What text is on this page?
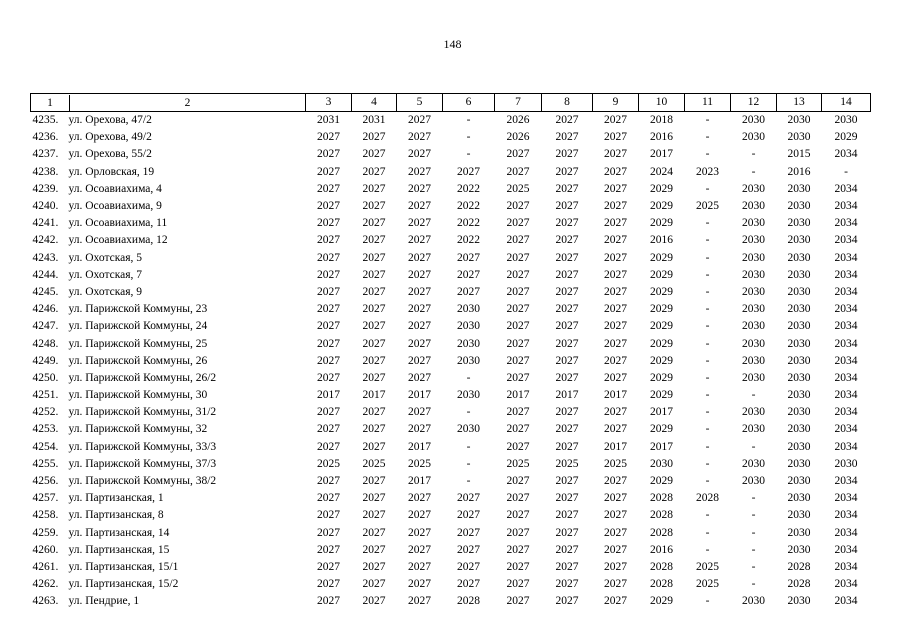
148
1 2	3	4	5	6	7	8	9	10	11	12	13	14
4235. ул. Орехова, 47/2	2031	2031	2027	-	2026	2027	2027	2018	-	2030	2030	2030
4236. ул. Орехова, 49/2	2027	2027	2027	-	2026	2027	2027	2016	-	2030	2030	2029
4237. ул. Орехова, 55/2	2027	2027	2027	-	2027	2027	2027	2017	-	-	2015	2034
4238. ул. Орловская, 19	2027	2027	2027	2027	2027	2027	2027	2024	2023	-	2016	-
4239. ул. Осоавиахима, 4	2027	2027	2027	2022	2025	2027	2027	2029	-	2030	2030	2034
4240. ул. Осоавиахима, 9	2027	2027	2027	2022	2027	2027	2027	2029	2025	2030	2030	2034
4241. ул. Осоавиахима, 11	2027	2027	2027	2022	2027	2027	2027	2029	-	2030	2030	2034
4242. ул. Осоавиахима, 12	2027	2027	2027	2022	2027	2027	2027	2016	-	2030	2030	2034
4243. ул. Охотская, 5	2027	2027	2027	2027	2027	2027	2027	2029	-	2030	2030	2034
4244. ул. Охотская, 7	2027	2027	2027	2027	2027	2027	2027	2029	-	2030	2030	2034
4245. ул. Охотская, 9	2027	2027	2027	2027	2027	2027	2027	2029	-	2030	2030	2034
4246. ул. Парижской Коммуны, 23	2027	2027	2027	2030	2027	2027	2027	2029	-	2030	2030	2034
4247. ул. Парижской Коммуны, 24	2027	2027	2027	2030	2027	2027	2027	2029	-	2030	2030	2034
4248. ул. Парижской Коммуны, 25	2027	2027	2027	2030	2027	2027	2027	2029	-	2030	2030	2034
4249. ул. Парижской Коммуны, 26	2027	2027	2027	2030	2027	2027	2027	2029	-	2030	2030	2034
4250. ул. Парижской Коммуны, 26/2	2027	2027	2027	-	2027	2027	2027	2029	-	2030	2030	2034
4251. ул. Парижской Коммуны, 30	2017	2017	2017	2030	2017	2017	2017	2029	-	-	2030	2034
4252. ул. Парижской Коммуны, 31/2	2027	2027	2027	-	2027	2027	2027	2017	-	2030	2030	2034
4253. ул. Парижской Коммуны, 32	2027	2027	2027	2030	2027	2027	2027	2029	-	2030	2030	2034
4254. ул. Парижской Коммуны, 33/3	2027	2027	2017	-	2027	2027	2017	2017	-	-	2030	2034
4255. ул. Парижской Коммуны, 37/3	2025	2025	2025	-	2025	2025	2025	2030	-	2030	2030	2030
4256. ул. Парижской Коммуны, 38/2	2027	2027	2017	-	2027	2027	2027	2029	-	2030	2030	2034
4257. ул. Партизанская, 1	2027	2027	2027	2027	2027	2027	2027	2028	2028	-	2030	2034
4258. ул. Партизанская, 8	2027	2027	2027	2027	2027	2027	2027	2028	-	-	2030	2034
4259. ул. Партизанская, 14	2027	2027	2027	2027	2027	2027	2027	2028	-	-	2030	2034
4260. ул. Партизанская, 15	2027	2027	2027	2027	2027	2027	2027	2016	-	-	2030	2034
4261. ул. Партизанская, 15/1	2027	2027	2027	2027	2027	2027	2027	2028	2025	-	2028	2034
4262. ул. Партизанская, 15/2	2027	2027	2027	2027	2027	2027	2027	2028	2025	-	2028	2034
4263. ул. Пендрие, 1	2027	2027	2027	2028	2027	2027	2027	2029	-	2030	2030	2034
